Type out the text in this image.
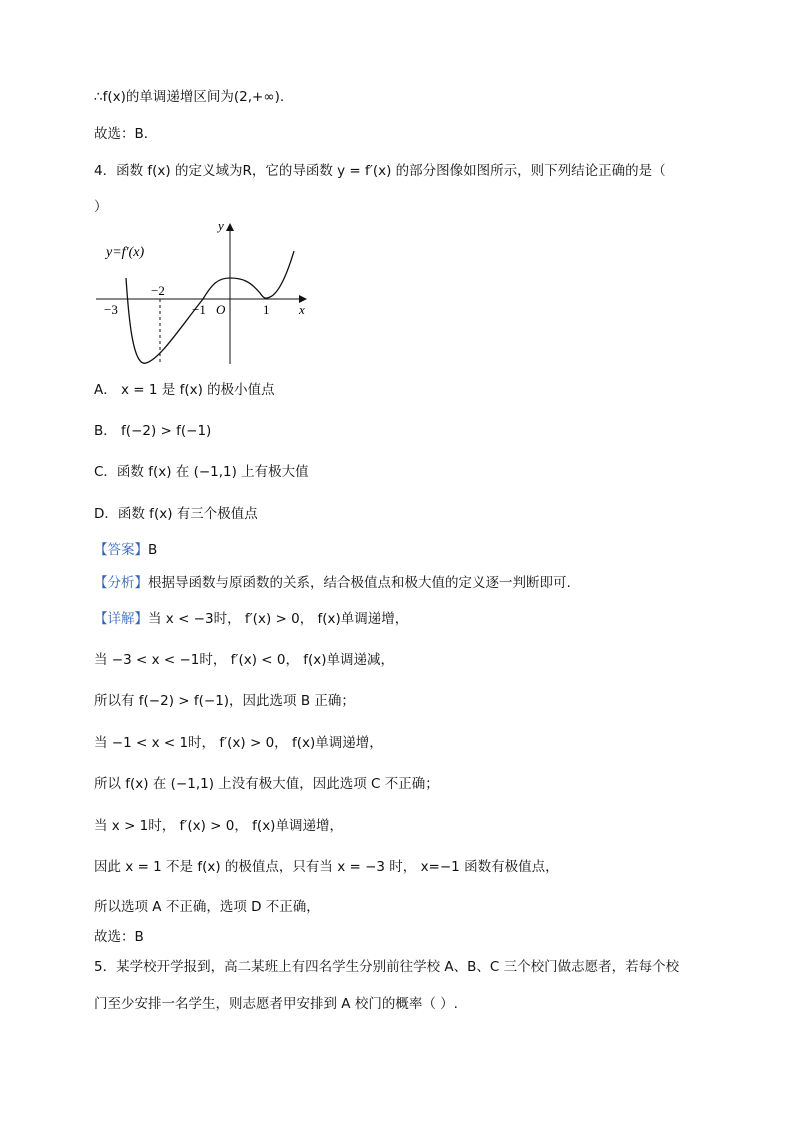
∴f(x)的单调递增区间为(2,+∞).
故选：B．
4．函数 f(x) 的定义域为R，它的导函数 y = f′(x) 的部分图像如图所示，则下列结论正确的是（
）
y=f′(x)
y
x
O
−3
−2
−1	1
A． x = 1 是 f(x) 的极小值点
B． f(−2) > f(−1)
C．函数 f(x) 在 (−1,1) 上有极大值
D．函数 f(x) 有三个极值点
【答案】B
【分析】根据导函数与原函数的关系，结合极值点和极大值的定义逐一判断即可.
【详解】当 x < −3时， f′(x) > 0， f(x)单调递增，
当 −3 < x < −1时， f′(x) < 0， f(x)单调递减，
所以有 f(−2) > f(−1)，因此选项 B 正确；
当 −1 < x < 1时， f′(x) > 0， f(x)单调递增，
所以 f(x) 在 (−1,1) 上没有极大值，因此选项 C 不正确；
当 x > 1时， f′(x) > 0， f(x)单调递增，
因此 x = 1 不是 f(x) 的极值点，只有当 x = −3 时， x=−1 函数有极值点，
所以选项 A 不正确，选项 D 不正确，
故选：B
5．某学校开学报到，高二某班上有四名学生分别前往学校 A、B、C 三个校门做志愿者，若每个校
门至少安排一名学生，则志愿者甲安排到 A 校门的概率（ ）.
